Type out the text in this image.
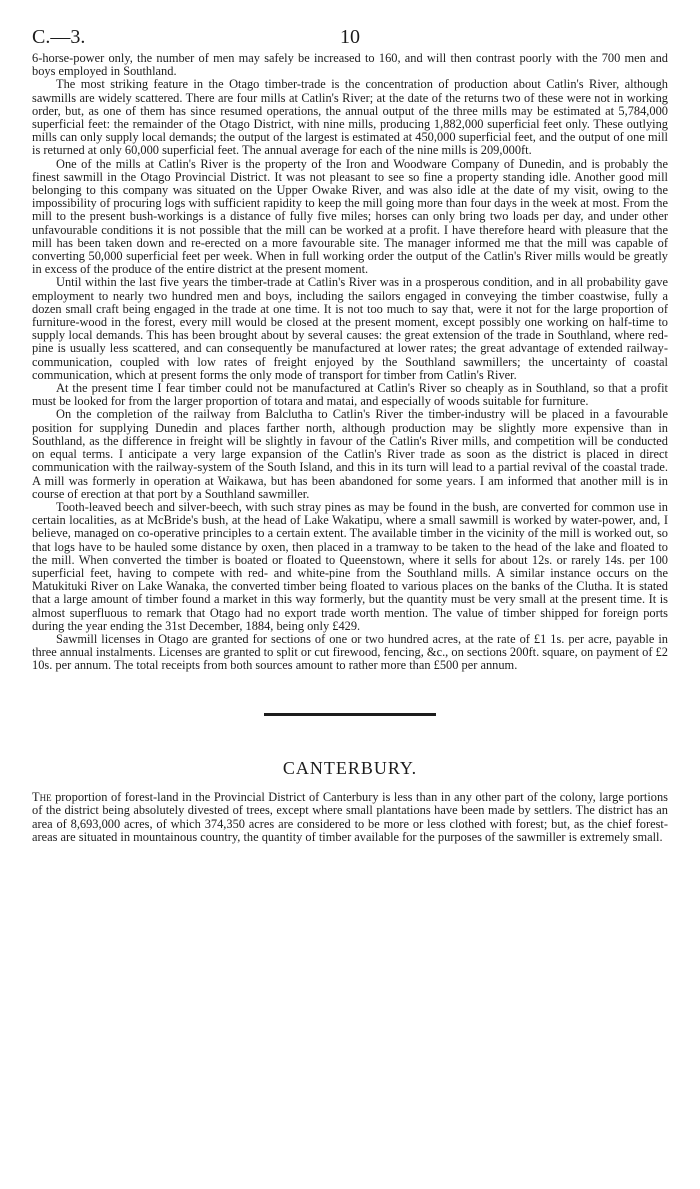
C.—3.	10

6-horse-power only, the number of men may safely be increased to 160, and will then contrast poorly with the 700 men and boys employed in Southland.

The most striking feature in the Otago timber-trade is the concentration of production about Catlin's River, although sawmills are widely scattered. There are four mills at Catlin's River; at the date of the returns two of these were not in working order, but, as one of them has since resumed operations, the annual output of the three mills may be estimated at 5,784,000 superficial feet: the remainder of the Otago District, with nine mills, producing 1,882,000 superficial feet only. These outlying mills can only supply local demands; the output of the largest is estimated at 450,000 superficial feet, and the output of one mill is returned at only 60,000 superficial feet. The annual average for each of the nine mills is 209,000ft.

One of the mills at Catlin's River is the property of the Iron and Woodware Company of Dunedin, and is probably the finest sawmill in the Otago Provincial District. It was not pleasant to see so fine a property standing idle. Another good mill belonging to this company was situated on the Upper Owake River, and was also idle at the date of my visit, owing to the impossibility of procuring logs with sufficient rapidity to keep the mill going more than four days in the week at most. From the mill to the present bush-workings is a distance of fully five miles; horses can only bring two loads per day, and under other unfavourable conditions it is not possible that the mill can be worked at a profit. I have therefore heard with pleasure that the mill has been taken down and re-erected on a more favourable site. The manager informed me that the mill was capable of converting 50,000 superficial feet per week. When in full working order the output of the Catlin's River mills would be greatly in excess of the produce of the entire district at the present moment.

Until within the last five years the timber-trade at Catlin's River was in a prosperous condition, and in all probability gave employment to nearly two hundred men and boys, including the sailors engaged in conveying the timber coastwise, fully a dozen small craft being engaged in the trade at one time. It is not too much to say that, were it not for the large proportion of furniture-wood in the forest, every mill would be closed at the present moment, except possibly one working on half-time to supply local demands. This has been brought about by several causes: the great extension of the trade in Southland, where red-pine is usually less scattered, and can consequently be manufactured at lower rates; the great advantage of extended railway-communication, coupled with low rates of freight enjoyed by the Southland sawmillers; the uncertainty of coastal communication, which at present forms the only mode of transport for timber from Catlin's River.

At the present time I fear timber could not be manufactured at Catlin's River so cheaply as in Southland, so that a profit must be looked for from the larger proportion of totara and matai, and especially of woods suitable for furniture.

On the completion of the railway from Balclutha to Catlin's River the timber-industry will be placed in a favourable position for supplying Dunedin and places farther north, although production may be slightly more expensive than in Southland, as the difference in freight will be slightly in favour of the Catlin's River mills, and competition will be conducted on equal terms. I anticipate a very large expansion of the Catlin's River trade as soon as the district is placed in direct communication with the railway-system of the South Island, and this in its turn will lead to a partial revival of the coastal trade. A mill was formerly in operation at Waikawa, but has been abandoned for some years. I am informed that another mill is in course of erection at that port by a Southland sawmiller.

Tooth-leaved beech and silver-beech, with such stray pines as may be found in the bush, are converted for common use in certain localities, as at McBride's bush, at the head of Lake Wakatipu, where a small sawmill is worked by water-power, and, I believe, managed on co-operative principles to a certain extent. The available timber in the vicinity of the mill is worked out, so that logs have to be hauled some distance by oxen, then placed in a tramway to be taken to the head of the lake and floated to the mill. When converted the timber is boated or floated to Queenstown, where it sells for about 12s. or rarely 14s. per 100 superficial feet, having to compete with red- and white-pine from the Southland mills. A similar instance occurs on the Matukituki River on Lake Wanaka, the converted timber being floated to various places on the banks of the Clutha. It is stated that a large amount of timber found a market in this way formerly, but the quantity must be very small at the present time. It is almost superfluous to remark that Otago had no export trade worth mention. The value of timber shipped for foreign ports during the year ending the 31st December, 1884, being only £429.

Sawmill licenses in Otago are granted for sections of one or two hundred acres, at the rate of £1 1s. per acre, payable in three annual instalments. Licenses are granted to split or cut firewood, fencing, &c., on sections 200ft. square, on payment of £2 10s. per annum. The total receipts from both sources amount to rather more than £500 per annum.

CANTERBURY.

The proportion of forest-land in the Provincial District of Canterbury is less than in any other part of the colony, large portions of the district being absolutely divested of trees, except where small plantations have been made by settlers. The district has an area of 8,693,000 acres, of which 374,350 acres are considered to be more or less clothed with forest; but, as the chief forest-areas are situated in mountainous country, the quantity of timber available for the purposes of the sawmiller is extremely small.
